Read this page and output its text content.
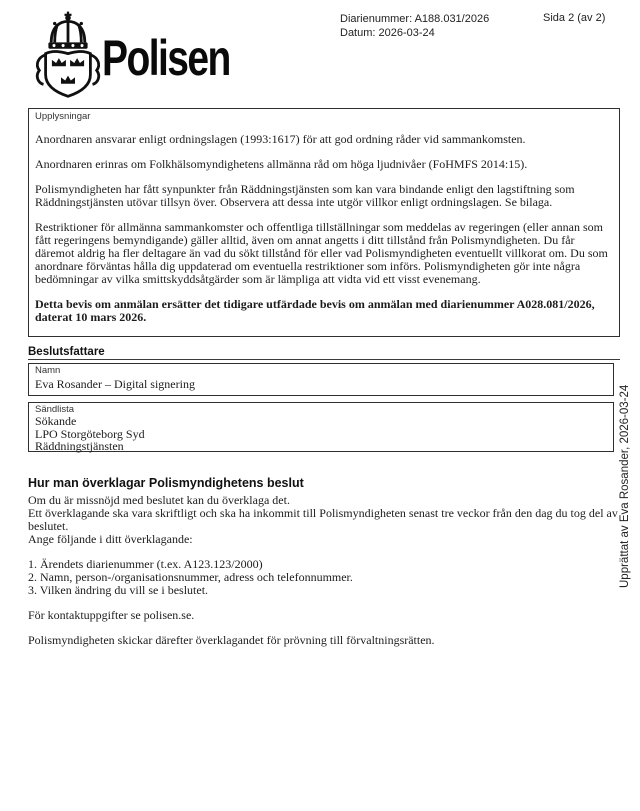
Polisen
Diarienummer: A188.031/2026
Datum: 2026-03-24
Sida 2 (av 2)
Upplysningar

Anordnaren ansvarar enligt ordningslagen (1993:1617) för att god ordning råder vid sammankomsten.

Anordnaren erinras om Folkhälsomyndighetens allmänna råd om höga ljudnivåer (FoHMFS 2014:15).

Polismyndigheten har fått synpunkter från Räddningstjänsten som kan vara bindande enligt den lagstiftning som Räddningstjänsten utövar tillsyn över. Observera att dessa inte utgör villkor enligt ordningslagen. Se bilaga.

Restriktioner för allmänna sammankomster och offentliga tillställningar som meddelas av regeringen (eller annan som fått regeringens bemyndigande) gäller alltid, även om annat angetts i ditt tillstånd från Polismyndigheten. Du får däremot aldrig ha fler deltagare än vad du sökt tillstånd för eller vad Polismyndigheten eventuellt villkorat om. Du som anordnare förväntas hålla dig uppdaterad om eventuella restriktioner som införs. Polismyndigheten gör inte några bedömningar av vilka smittskyddsåtgärder som är lämpliga att vidta vid ett visst evenemang.

Detta bevis om anmälan ersätter det tidigare utfärdade bevis om anmälan med diarienummer A028.081/2026, daterat 10 mars 2026.

Beslutsfattare
Namn
Eva Rosander – Digital signering
Sändlista
Sökande
LPO Storgöteborg Syd
Räddningstjänsten
Hur man överklagar Polismyndighetens beslut

Om du är missnöjd med beslutet kan du överklaga det.

Ett överklagande ska vara skriftligt och ska ha inkommit till Polismyndigheten senast tre veckor från den dag du tog del av beslutet.

Ange följande i ditt överklagande:

1. Ärendets diarienummer (t.ex. A123.123/2000)

2. Namn, person-/organisationsnummer, adress och telefonnummer.

3. Vilken ändring du vill se i beslutet.

För kontaktuppgifter se polisen.se.

Polismyndigheten skickar därefter överklagandet för prövning till förvaltningsrätten.

Upprättat av Eva Rosander, 2026-03-24
